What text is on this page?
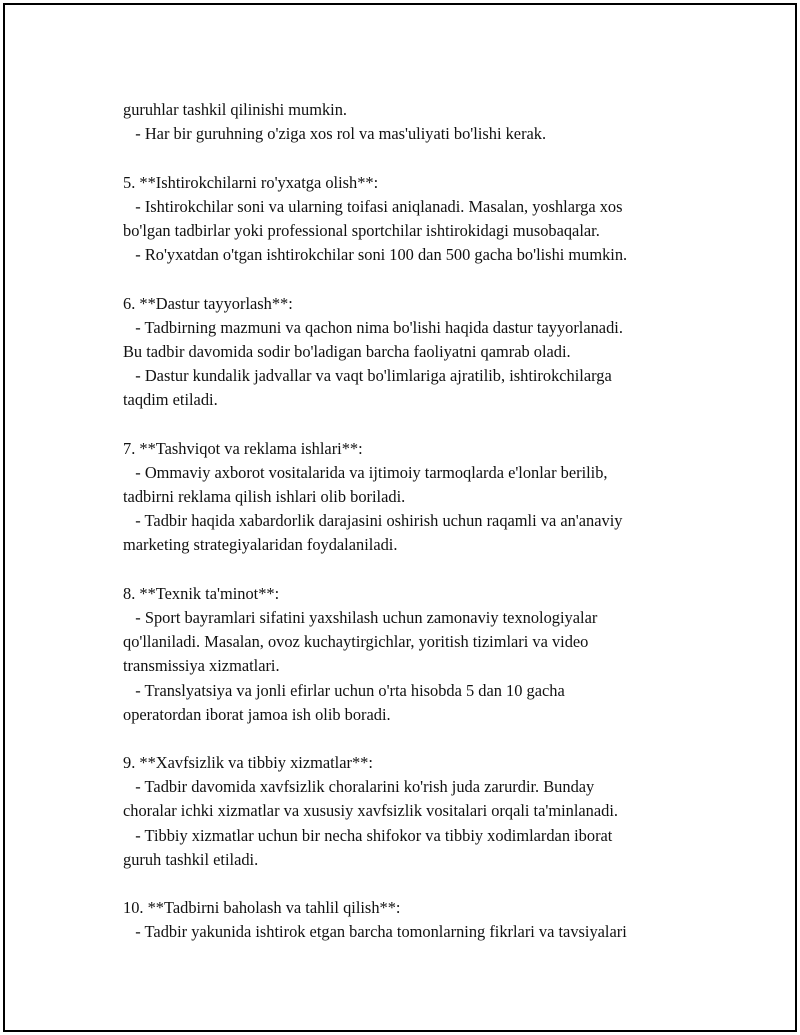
guruhlar tashkil qilinishi mumkin.
- Har bir guruhning o'ziga xos rol va mas'uliyati bo'lishi kerak.
5. **Ishtirokchilarni ro'yxatga olish**:
- Ishtirokchilar soni va ularning toifasi aniqlanadi. Masalan, yoshlarga xos
bo'lgan tadbirlar yoki professional sportchilar ishtirokidagi musobaqalar.
- Ro'yxatdan o'tgan ishtirokchilar soni 100 dan 500 gacha bo'lishi mumkin.
6. **Dastur tayyorlash**:
- Tadbirning mazmuni va qachon nima bo'lishi haqida dastur tayyorlanadi.
Bu tadbir davomida sodir bo'ladigan barcha faoliyatni qamrab oladi.
- Dastur kundalik jadvallar va vaqt bo'limlariga ajratilib, ishtirokchilarga
taqdim etiladi.
7. **Tashviqot va reklama ishlari**:
- Ommaviy axborot vositalarida va ijtimoiy tarmoqlarda e'lonlar berilib,
tadbirni reklama qilish ishlari olib boriladi.
- Tadbir haqida xabardorlik darajasini oshirish uchun raqamli va an'anaviy
marketing strategiyalaridan foydalaniladi.
8. **Texnik ta'minot**:
- Sport bayramlari sifatini yaxshilash uchun zamonaviy texnologiyalar
qo'llaniladi. Masalan, ovoz kuchaytirgichlar, yoritish tizimlari va video
transmissiya xizmatlari.
- Translyatsiya va jonli efirlar uchun o'rta hisobda 5 dan 10 gacha
operatordan iborat jamoa ish olib boradi.
9. **Xavfsizlik va tibbiy xizmatlar**:
- Tadbir davomida xavfsizlik choralarini ko'rish juda zarurdir. Bunday
choralar ichki xizmatlar va xususiy xavfsizlik vositalari orqali ta'minlanadi.
- Tibbiy xizmatlar uchun bir necha shifokor va tibbiy xodimlardan iborat
guruh tashkil etiladi.
10. **Tadbirni baholash va tahlil qilish**:
- Tadbir yakunida ishtirok etgan barcha tomonlarning fikrlari va tavsiyalari
